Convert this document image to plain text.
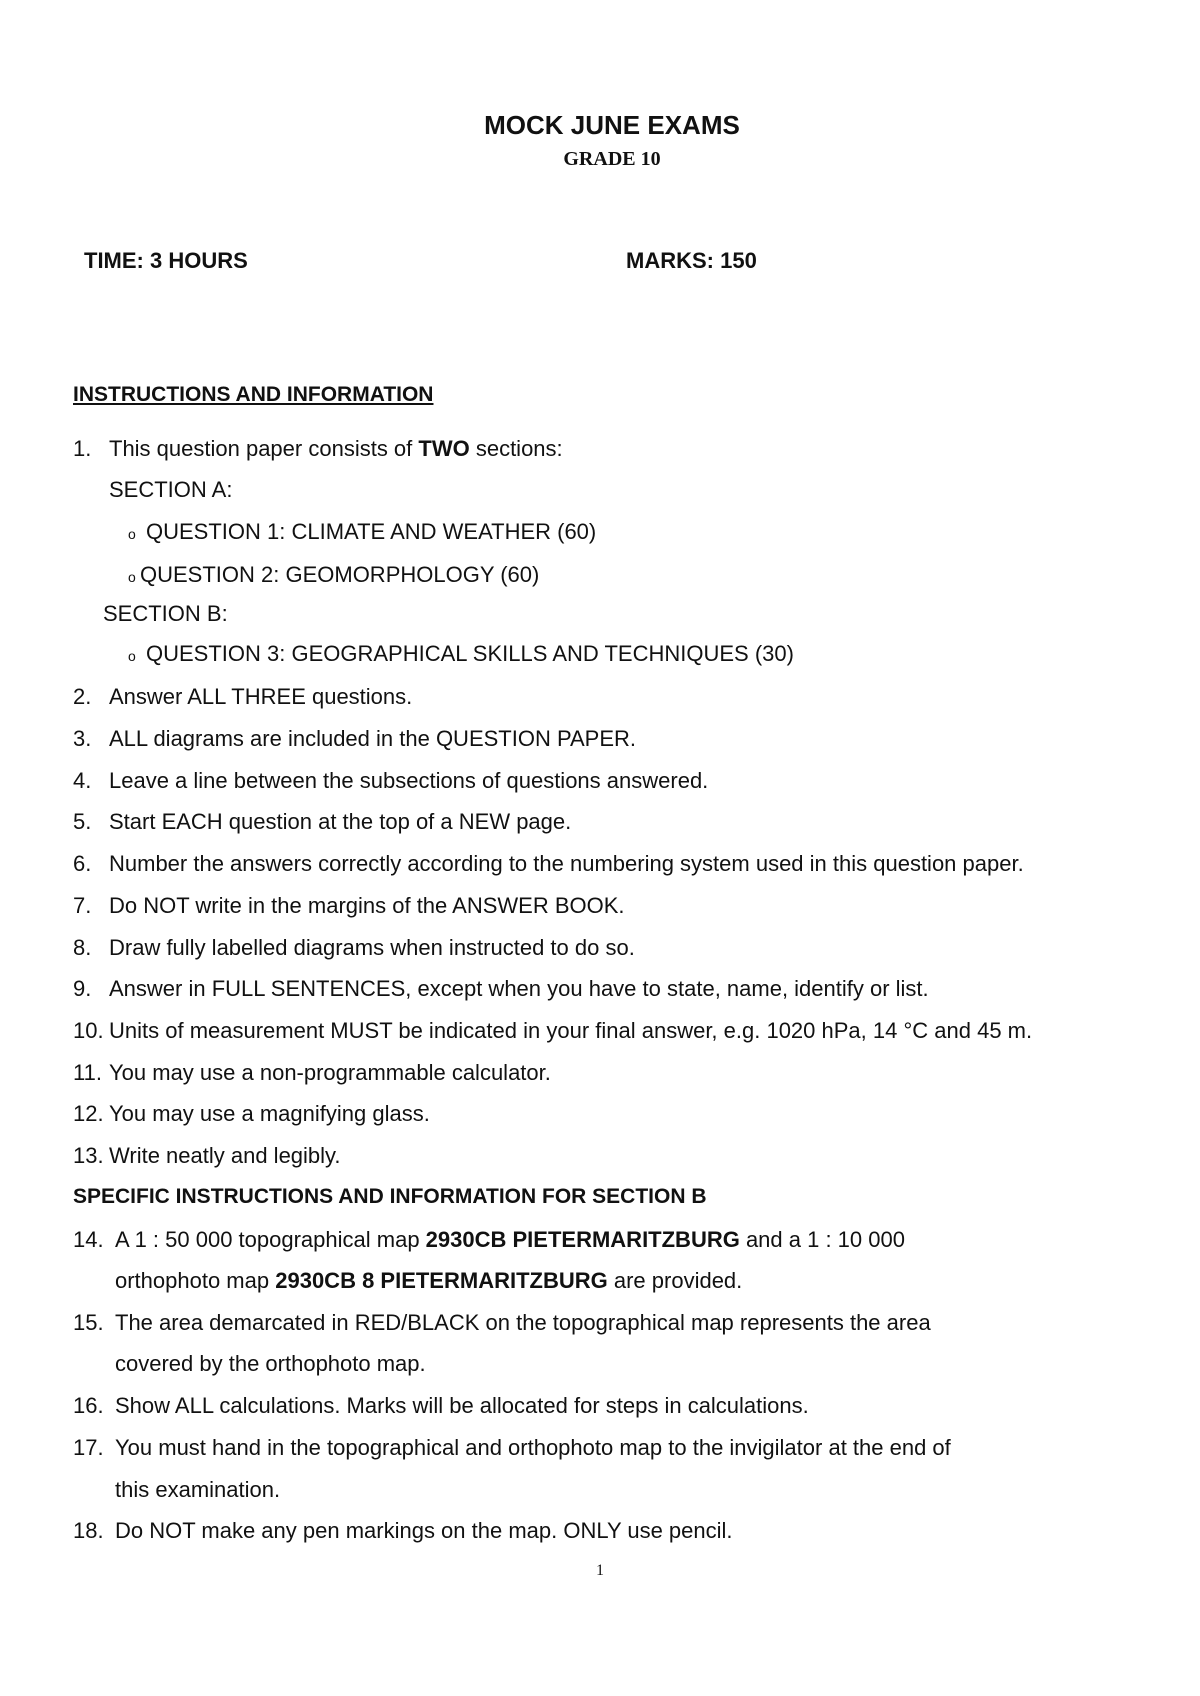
MOCK JUNE EXAMS
GRADE 10
TIME: 3 HOURS	MARKS: 150
INSTRUCTIONS AND INFORMATION
1. This question paper consists of TWO sections:
SECTION A:
o QUESTION 1: CLIMATE AND WEATHER (60)
o QUESTION 2: GEOMORPHOLOGY (60)
SECTION B:
o QUESTION 3: GEOGRAPHICAL SKILLS AND TECHNIQUES (30)
2. Answer ALL THREE questions.
3. ALL diagrams are included in the QUESTION PAPER.
4. Leave a line between the subsections of questions answered.
5. Start EACH question at the top of a NEW page.
6. Number the answers correctly according to the numbering system used in this question paper.
7. Do NOT write in the margins of the ANSWER BOOK.
8. Draw fully labelled diagrams when instructed to do so.
9. Answer in FULL SENTENCES, except when you have to state, name, identify or list.
10. Units of measurement MUST be indicated in your final answer, e.g. 1020 hPa, 14 °C and 45 m.
11. You may use a non-programmable calculator.
12. You may use a magnifying glass.
13. Write neatly and legibly.
SPECIFIC INSTRUCTIONS AND INFORMATION FOR SECTION B
14. A 1 : 50 000 topographical map 2930CB PIETERMARITZBURG and a 1 : 10 000
orthophoto map 2930CB 8 PIETERMARITZBURG are provided.
15. The area demarcated in RED/BLACK on the topographical map represents the area
covered by the orthophoto map.
16. Show ALL calculations. Marks will be allocated for steps in calculations.
17. You must hand in the topographical and orthophoto map to the invigilator at the end of
this examination.
18. Do NOT make any pen markings on the map. ONLY use pencil.
1
